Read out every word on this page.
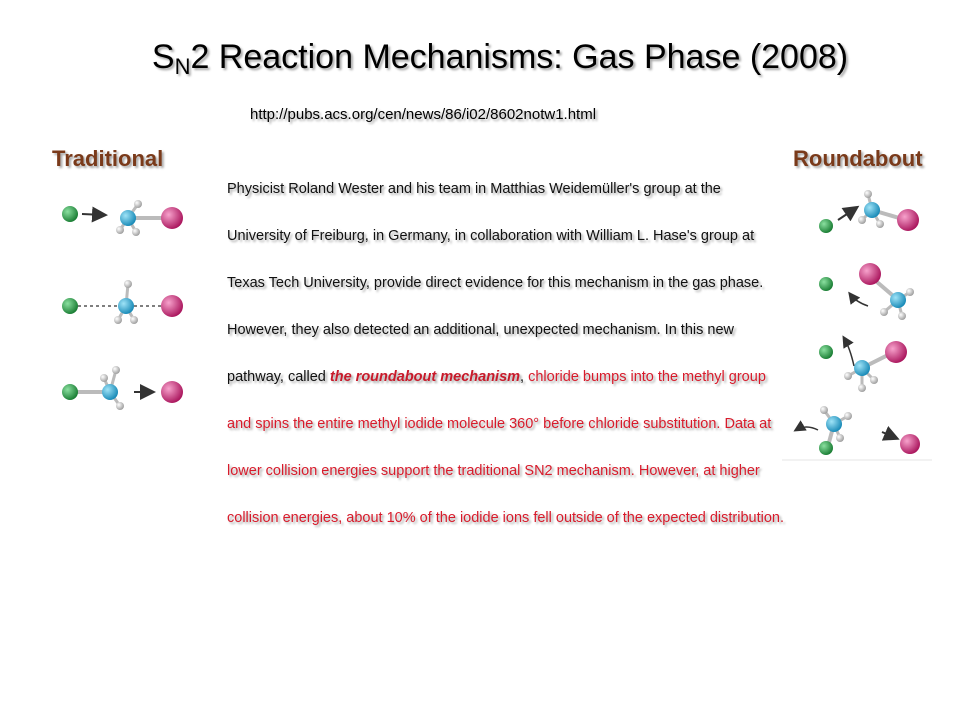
$S_N2$ Reaction Mechanisms: Gas Phase (2008)
http://pubs.acs.org/cen/news/86/i02/8602notw1.html
Traditional	Roundabout
Physicist Roland Wester and his team in Matthias Weidemüller's group at the University of Freiburg, in Germany, in collaboration with William L. Hase's group at Texas Tech University, provide direct evidence for this mechanism in the gas phase. However, they also detected an additional, unexpected mechanism. In this new pathway, called the roundabout mechanism, chloride bumps into the methyl group and spins the entire methyl iodide molecule 360° before chloride substitution. Data at lower collision energies support the traditional SN2 mechanism. However, at higher collision energies, about 10% of the iodide ions fell outside of the expected distribution.
